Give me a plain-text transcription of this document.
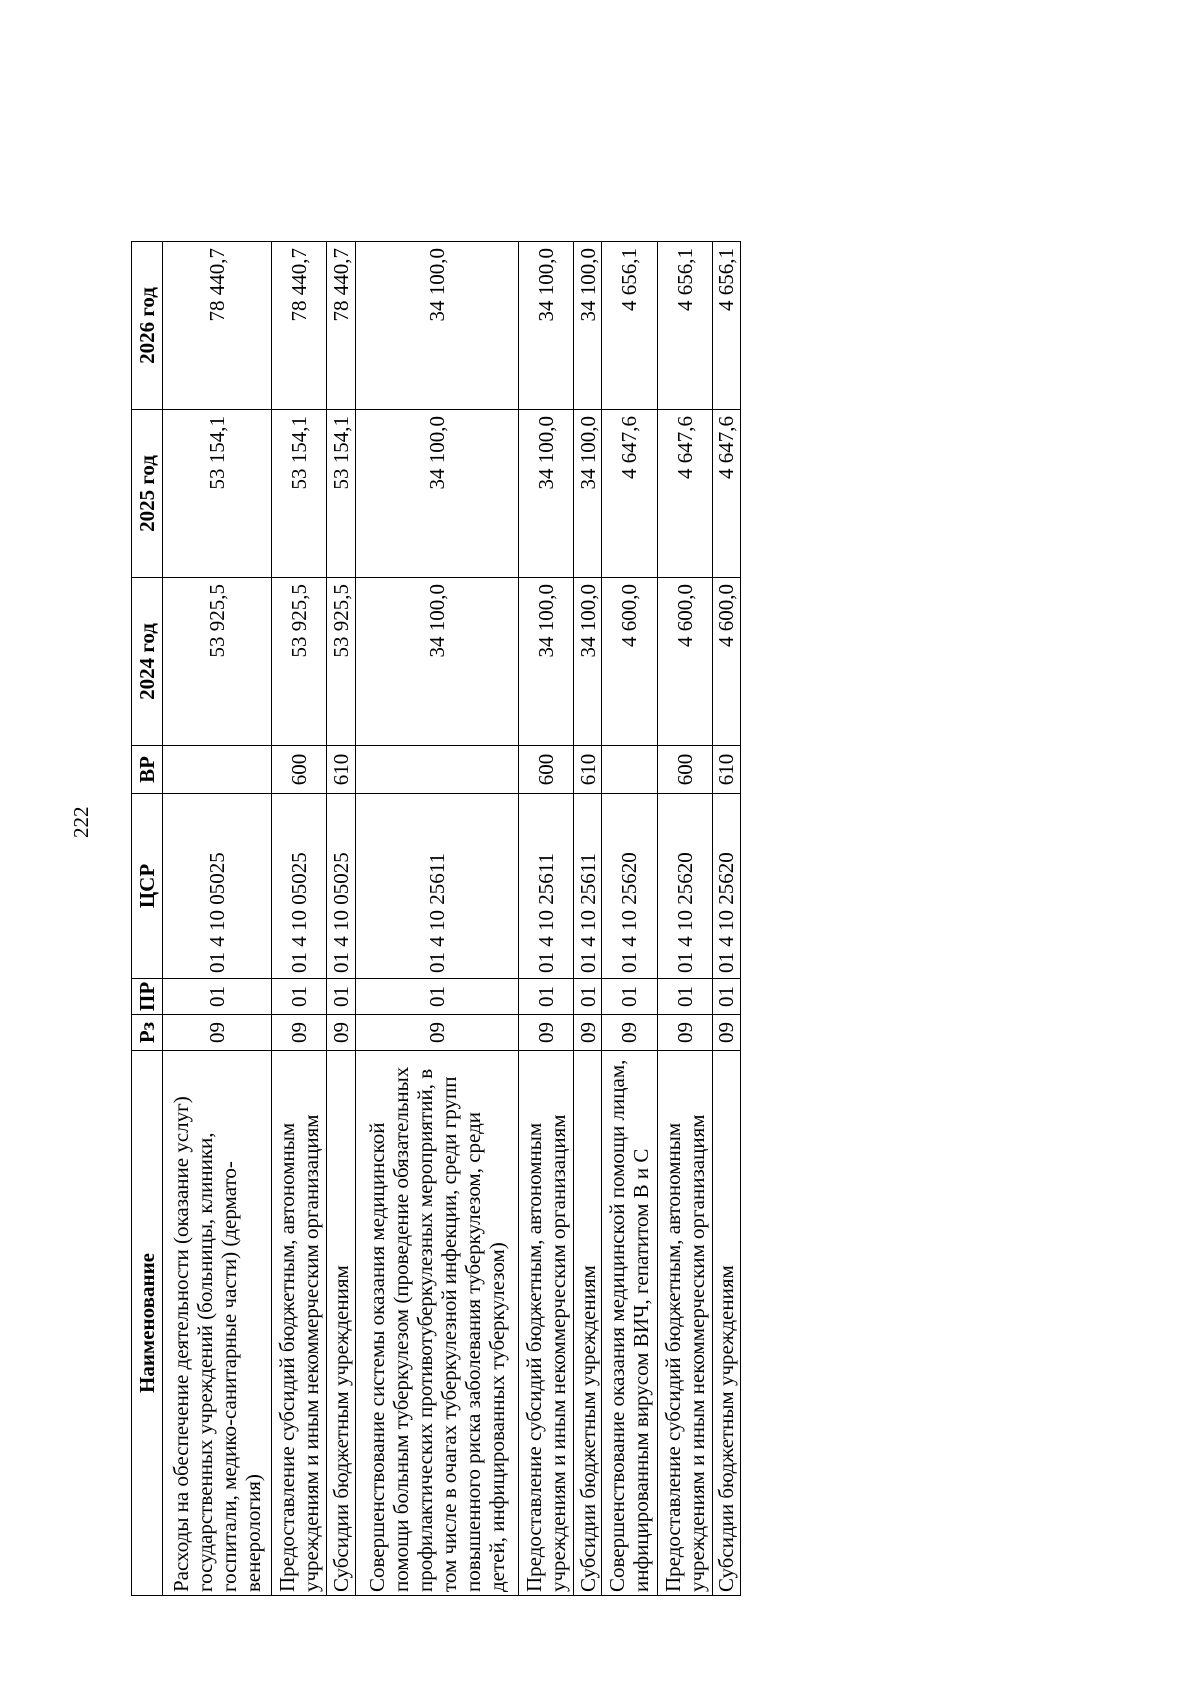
222
Наименование	Рз	ПР	ЦСР	ВР	2024 год	2025 год	2026 год
Расходы на обеспечение деятельности (оказание услуг) государственных учреждений (больницы, клиники, госпитали, медико-санитарные части) (дермато-венерология)	09	01	01 4 10 05025		53 925,5	53 154,1	78 440,7
Предоставление субсидий бюджетным, автономным учреждениям и иным некоммерческим организациям	09	01	01 4 10 05025	600	53 925,5	53 154,1	78 440,7
Субсидии бюджетным учреждениям	09	01	01 4 10 05025	610	53 925,5	53 154,1	78 440,7
Совершенствование системы оказания медицинской помощи больным туберкулезом (проведение обязательных профилактических противотуберкулезных мероприятий, в том числе в очагах туберкулезной инфекции, среди групп повышенного риска заболевания туберкулезом, среди детей, инфицированных туберкулезом)	09	01	01 4 10 25611		34 100,0	34 100,0	34 100,0
Предоставление субсидий бюджетным, автономным учреждениям и иным некоммерческим организациям	09	01	01 4 10 25611	600	34 100,0	34 100,0	34 100,0
Субсидии бюджетным учреждениям	09	01	01 4 10 25611	610	34 100,0	34 100,0	34 100,0
Совершенствование оказания медицинской помощи лицам, инфицированным вирусом ВИЧ, гепатитом В и С	09	01	01 4 10 25620		4 600,0	4 647,6	4 656,1
Предоставление субсидий бюджетным, автономным учреждениям и иным некоммерческим организациям	09	01	01 4 10 25620	600	4 600,0	4 647,6	4 656,1
Субсидии бюджетным учреждениям	09	01	01 4 10 25620	610	4 600,0	4 647,6	4 656,1
